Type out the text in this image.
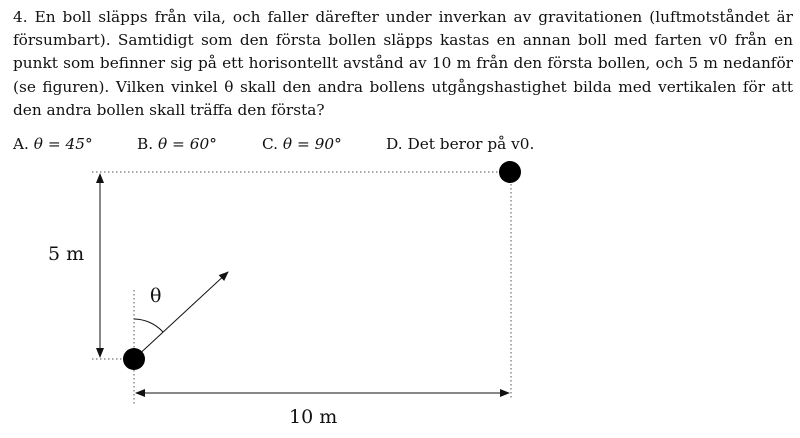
4. En boll släpps från vila, och faller därefter under inverkan av gravitationen (luftmotståndet är försumbart). Samtidigt som den första bollen släpps kastas en annan boll med farten v0 från en punkt som befinner sig på ett horisontellt avstånd av 10 m från den första bollen, och 5 m nedanför (se figuren). Vilken vinkel θ skall den andra bollens utgångshastighet bilda med vertikalen för att den andra bollen skall träffa den första?

A. θ = 45°	B. θ = 60°	C. θ = 90°	D. Det beror på v0.
5 m
10 m
θ
